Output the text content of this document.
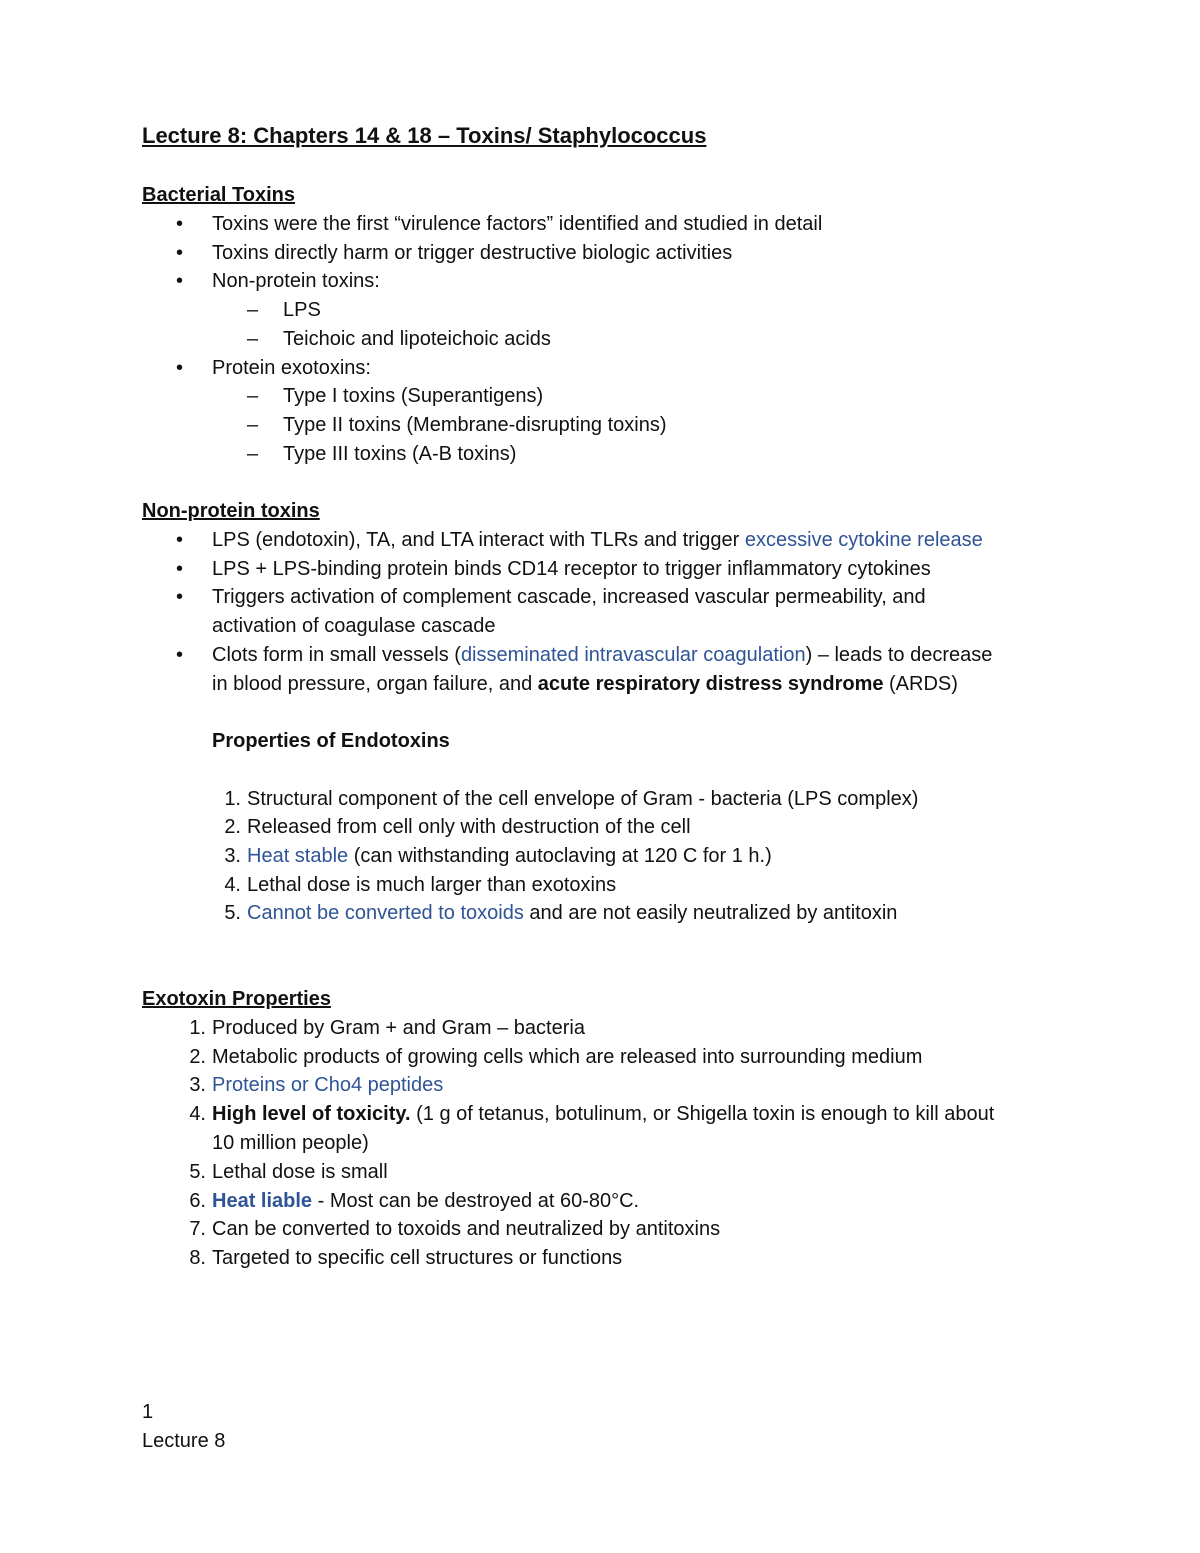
Lecture 8: Chapters 14 & 18 – Toxins/ Staphylococcus
Bacterial Toxins
• Toxins were the first “virulence factors” identified and studied in detail
• Toxins directly harm or trigger destructive biologic activities
• Non-protein toxins:
– LPS
– Teichoic and lipoteichoic acids
• Protein exotoxins:
– Type I toxins (Superantigens)
– Type II toxins (Membrane-disrupting toxins)
– Type III toxins (A-B toxins)
Non-protein toxins
• LPS (endotoxin), TA, and LTA interact with TLRs and trigger excessive cytokine release
• LPS + LPS-binding protein binds CD14 receptor to trigger inflammatory cytokines
• Triggers activation of complement cascade, increased vascular permeability, and
activation of coagulase cascade
• Clots form in small vessels (disseminated intravascular coagulation) – leads to decrease
in blood pressure, organ failure, and acute respiratory distress syndrome (ARDS)
Properties of Endotoxins
1. Structural component of the cell envelope of Gram - bacteria (LPS complex)
2. Released from cell only with destruction of the cell
3. Heat stable (can withstanding autoclaving at 120 C for 1 h.)
4. Lethal dose is much larger than exotoxins
5. Cannot be converted to toxoids and are not easily neutralized by antitoxin
Exotoxin Properties
1. Produced by Gram + and Gram – bacteria
2. Metabolic products of growing cells which are released into surrounding medium
3. Proteins or Cho4 peptides
4. High level of toxicity. (1 g of tetanus, botulinum, or Shigella toxin is enough to kill about
10 million people)
5. Lethal dose is small
6. Heat liable - Most can be destroyed at 60-80°C.
7. Can be converted to toxoids and neutralized by antitoxins
8. Targeted to specific cell structures or functions
1
Lecture 8
